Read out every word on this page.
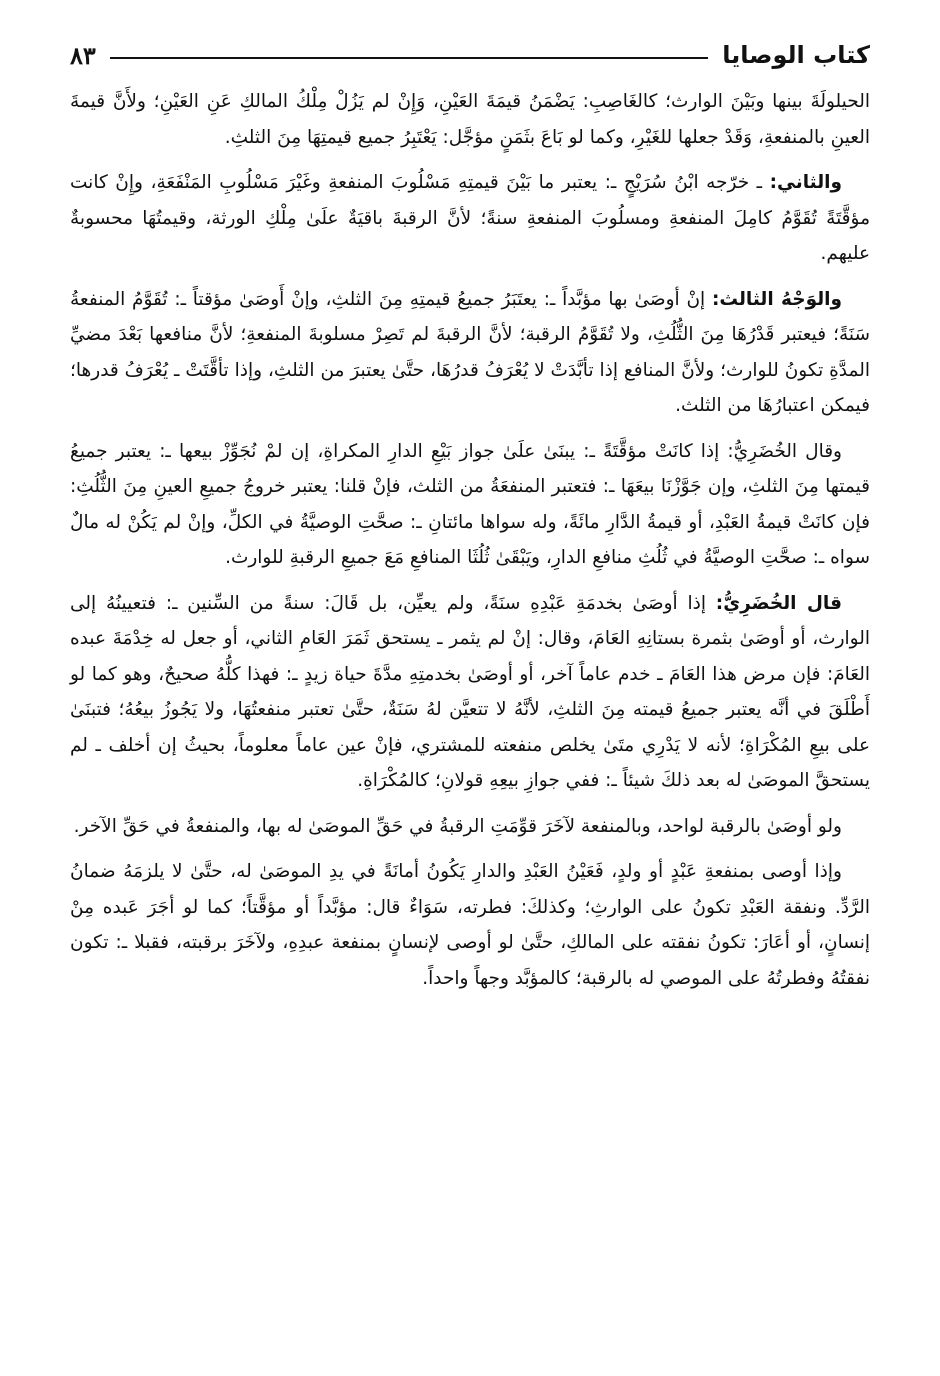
كتاب الوصايا
٨٣

الحيلولَةَ بينها وبَيْنَ الوارث؛ كالغَاصِبِ: يَضْمَنُ قيمَةَ العَيْنِ، وَإِنْ لم يَزُلْ مِلْكُ المالكِ عَنِ العَيْنِ؛ ولأَنَّ قيمةَ العينِ بالمنفعةِ، وَقَدْ جعلها للغَيْرِ، وكما لو بَاعَ بثَمَنٍ مؤجَّل: يَعْتَبِرُ جميع قيمتِهَا مِنَ الثلثِ.

والثاني: ـ خرّجه ابْنُ سُرَيْجٍ ـ: يعتبر ما بَيْنَ قيمتِهِ مَسْلُوبَ المنفعةِ وغَيْرَ مَسْلُوبِ المَنْفَعَةِ، وإِنْ كانت مؤقَّتَةً تُقَوَّمُ كامِلَ المنفعةِ ومسلُوبَ المنفعةِ سنةً؛ لأنَّ الرقبةَ باقيَةٌ علَىٰ مِلْكِ الورثة، وقيمتُهَا محسوبةٌ عليهم.

والوَجْهُ الثالث: إنْ أوصَىٰ بها مؤبَّداً ـ: يعتَبَرُ جميعُ قيمتِهِ مِنَ الثلثِ، وإنْ أَوصَىٰ مؤقتاً ـ: تُقَوَّمُ المنفعةُ سَنَةً؛ فيعتبر قَدْرُهَا مِنَ الثُّلُثِ، ولا تُقَوَّمُ الرقبة؛ لأنَّ الرقبةَ لم تَصِرْ مسلوبةَ المنفعةِ؛ لأنَّ منافعها بَعْدَ مضيِّ المدَّةِ تكونُ للوارث؛ ولأنَّ المنافع إذا تأبَّدَتْ لا يُعْرَفُ قدرُهَا، حتَّىٰ يعتبرَ من الثلثِ، وإذا تأقَّتَتْ ـ يُعْرَفُ قدرها؛ فيمكن اعتبارُهَا من الثلث.

وقال الخُضَرِيُّ: إذا كانَتْ مؤقَّتَةً ـ: يبنَىٰ علَىٰ جواز بَيْعِ الدارِ المكراةِ، إن لمْ نُجَوِّزْ بيعها ـ: يعتبر جميعُ قيمتها مِنَ الثلثِ، وإن جَوَّزْنَا بيعَهَا ـ: فتعتبر المنفعَةُ من الثلث، فإنْ قلنا: يعتبر خروجُ جميعِ العينِ مِنَ الثُّلُثِ: فإن كانَتْ قيمةُ العَبْدِ، أو قيمةُ الدَّارِ مائَةً، وله سواها مائتانِ ـ: صحَّتِ الوصيَّةُ في الكلِّ، وإنْ لم يَكُنْ له مالٌ سواه ـ: صحَّتِ الوصيَّةُ في ثُلُثِ منافعِ الدارِ، ويَبْقَىٰ ثُلُثَا المنافعِ مَعَ جميعِ الرقبةِ للوارث.

قال الخُضَرِيُّ: إذا أوصَىٰ بخدمَةِ عَبْدِهِ سنَةً، ولم يعيِّن، بل قَالَ: سنةً من السِّنين ـ: فتعيينُهُ إلى الوارث، أو أوصَىٰ بثمرة بستانِهِ العَامَ، وقال: إنْ لم يثمر ـ يستحق ثَمَرَ العَامِ الثاني، أو جعل له خِدْمَةَ عبده العَامَ: فإن مرض هذا العَامَ ـ خدم عاماً آخر، أو أوصَىٰ بخدمتِهِ مدَّةَ حياة زيدٍ ـ: فهذا كلُّهُ صحيحٌ، وهو كما لو أَطْلَقَ في أنَّه يعتبر جميعُ قيمته مِنَ الثلثِ، لأنَّهُ لا تتعيَّن لهُ سَنَةٌ، حتَّىٰ تعتبر منفعتُهَا، ولا يَجُوزُ بيعُهُ؛ فتبنَىٰ على بيعِ المُكْرَاةِ؛ لأنه لا يَدْرِي متَىٰ يخلص منفعته للمشتري، فإنْ عين عاماً معلوماً، بحيثُ إن أخلف ـ لم يستحقَّ الموصَىٰ له بعد ذلكَ شيئاً ـ: ففي جوازِ بيعِهِ قولانِ؛ كالمُكْرَاةِ.

ولو أوصَىٰ بالرقبة لواحد، وبالمنفعة لآخَرَ قوِّمَتِ الرقبةُ في حَقِّ الموصَىٰ له بها، والمنفعةُ في حَقِّ الآخر.

وإذا أوصى بمنفعةِ عَبْدٍ أو ولدٍ، فَعَيْنُ العَبْدِ والدارِ يَكُونُ أمانَةً في يدِ الموصَىٰ له، حتَّىٰ لا يلزمَهُ ضمانُ الرَّدِّ. ونفقة العَبْدِ تكونُ على الوارثِ؛ وكذلكَ: فطرته، سَوَاءٌ قال: مؤبَّداً أو مؤقَّتاً؛ كما لو أجَرَ عَبده مِنْ إنسانٍ، أو أعَارَ: تكونُ نفقته على المالكِ، حتَّىٰ لو أوصى لإنسانٍ بمنفعة عبدِهِ، ولآخَرَ برقبته، فقبلا ـ: تكون نفقتُهُ وفطرتُهُ على الموصي له بالرقبة؛ كالمؤبَّد وجهاً واحداً.
